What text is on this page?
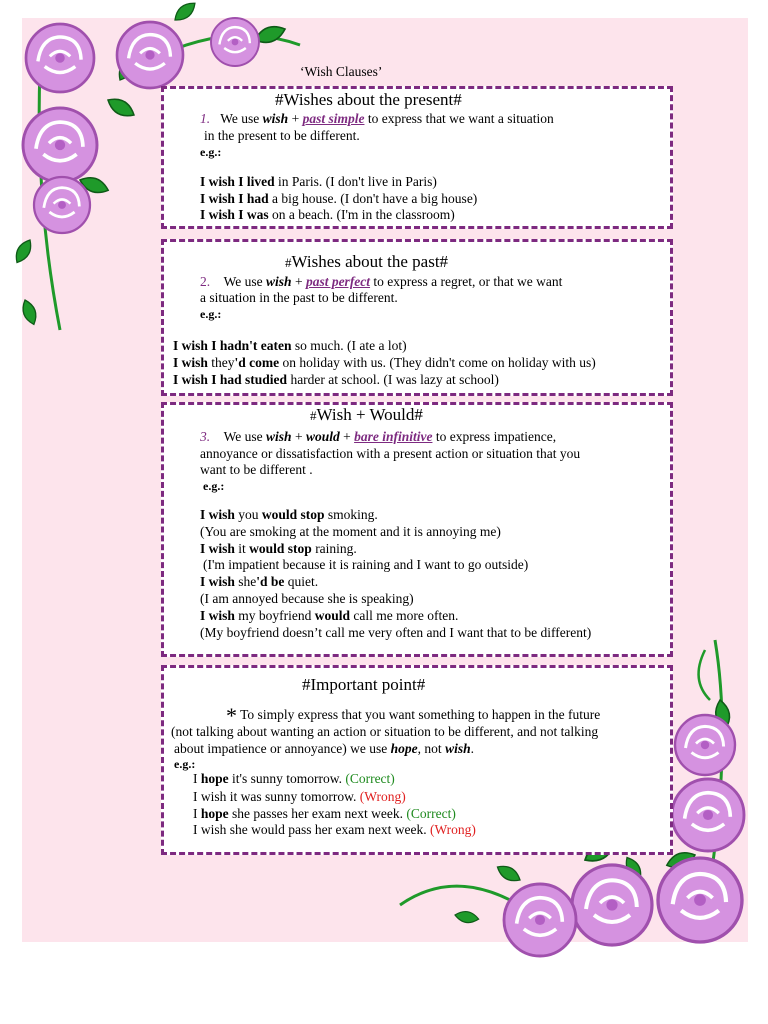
‘Wish Clauses’
#Wishes about the present#
1. We use wish + past simple to express that we want a situation
in the present to be different.
e.g.:
I wish I lived in Paris. (I don't live in Paris)
I wish I had a big house. (I don't have a big house)
I wish I was on a beach. (I'm in the classroom)
#Wishes about the past#
2. We use wish + past perfect to express a regret, or that we want
a situation in the past to be different.
e.g.:
I wish I hadn't eaten so much. (I ate a lot)
I wish they'd come on holiday with us. (They didn't come on holiday with us)
I wish I had studied harder at school. (I was lazy at school)
#Wish + Would#
3. We use wish + would + bare infinitive to express impatience,
annoyance or dissatisfaction with a present action or situation that you
want to be different .
e.g.:
I wish you would stop smoking.
(You are smoking at the moment and it is annoying me)
I wish it would stop raining.
(I'm impatient because it is raining and I want to go outside)
I wish she'd be quiet.
(I am annoyed because she is speaking)
I wish my boyfriend would call me more often.
(My boyfriend doesn’t call me very often and I want that to be different)
#Important point#
* To simply express that you want something to happen in the future
(not talking about wanting an action or situation to be different, and not talking
about impatience or annoyance) we use hope, not wish.
e.g.:
I hope it's sunny tomorrow. (Correct)
I wish it was sunny tomorrow. (Wrong)
I hope she passes her exam next week. (Correct)
I wish she would pass her exam next week. (Wrong)
